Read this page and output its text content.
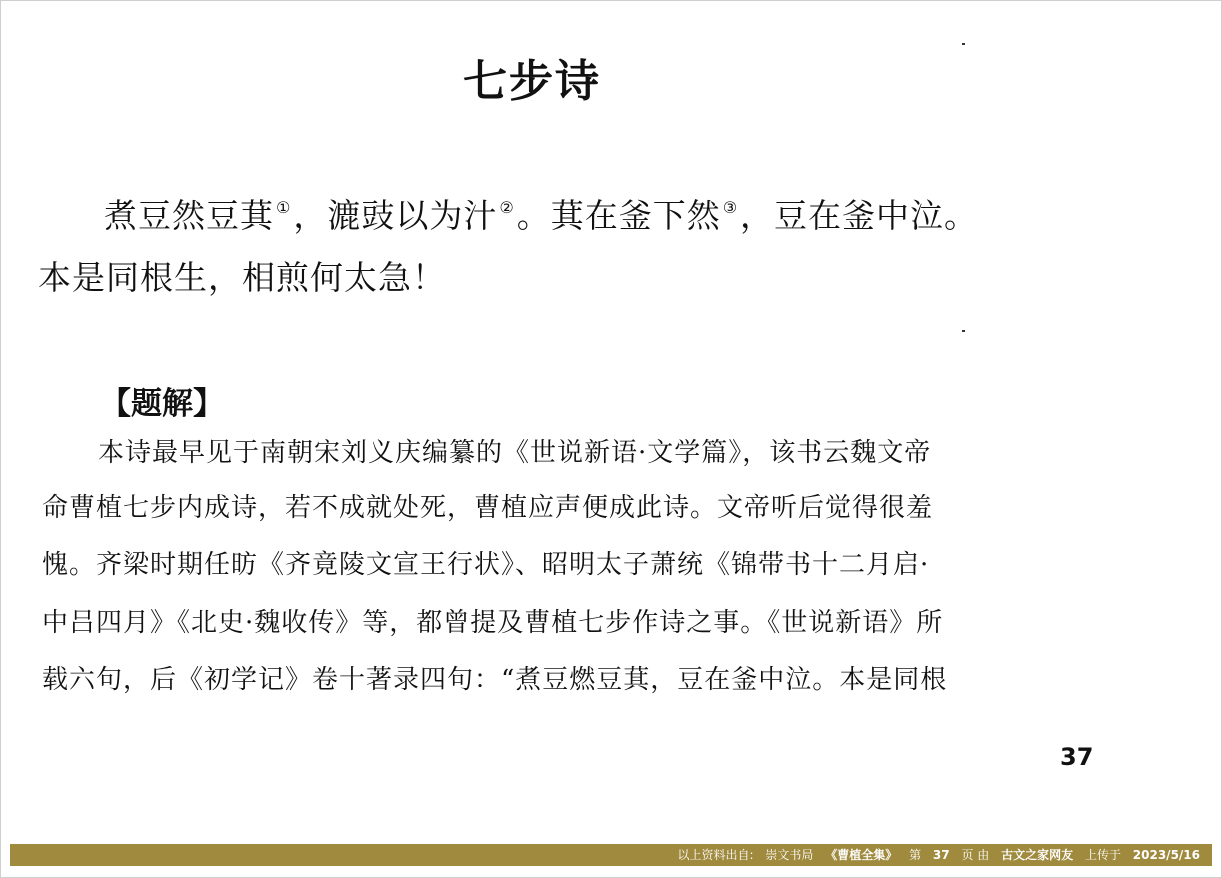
七步诗
煮豆然豆萁 ①，漉豉以为汁 ②。萁在釜下然 ③，豆在釜中泣。
本是同根生，相煎何太急！
【题解】
本诗最早见于南朝宋刘义庆编纂的《世说新语·文学篇》，该书云魏文帝
命曹植七步内成诗，若不成就处死，曹植应声便成此诗。文帝听后觉得很羞
愧。齐梁时期任昉《齐竟陵文宣王行状》、昭明太子萧统《锦带书十二月启·
中吕四月》《北史·魏收传》等，都曾提及曹植七步作诗之事。《世说新语》所
载六句，后《初学记》卷十著录四句：“煮豆燃豆萁，豆在釜中泣。本是同根
37
以上资料出自: 崇文书局 《曹植全集》 第 37 页 由 古文之家网友 上传于 2023/5/16
